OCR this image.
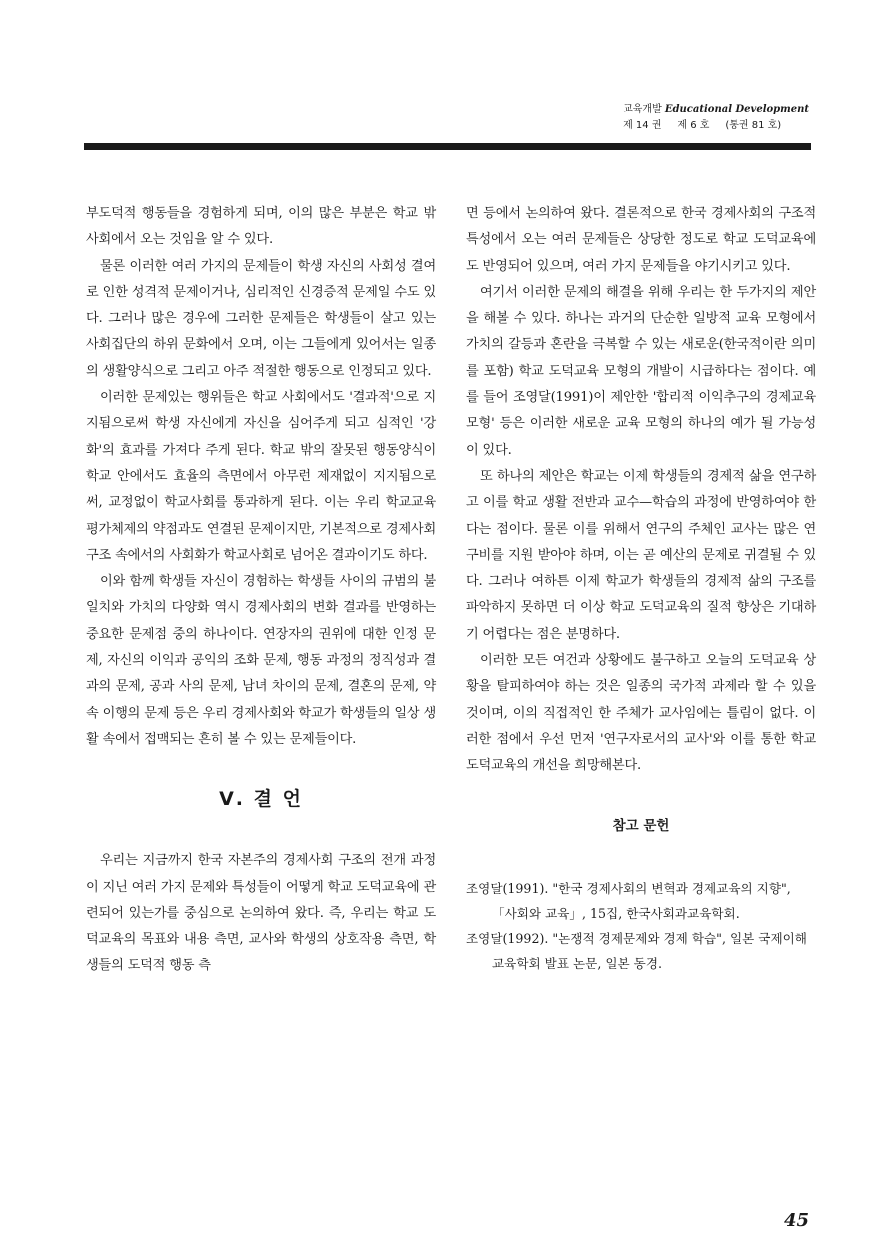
교육개발 Educational Development
제 14 권     제 6 호     (통권 81 호)

부도덕적 행동들을 경험하게 되며, 이의 많은 부분은 학교 밖 사회에서 오는 것임을 알 수 있다.

물론 이러한 여러 가지의 문제들이 학생 자신의 사회성 결여로 인한 성격적 문제이거나, 심리적인 신경증적 문제일 수도 있다. 그러나 많은 경우에 그러한 문제들은 학생들이 살고 있는 사회집단의 하위 문화에서 오며, 이는 그들에게 있어서는 일종의 생활양식으로 그리고 아주 적절한 행동으로 인정되고 있다.

이러한 문제있는 행위들은 학교 사회에서도 '결과적'으로 지지됨으로써 학생 자신에게 자신을 심어주게 되고 심적인 '강화'의 효과를 가져다 주게 된다. 학교 밖의 잘못된 행동양식이 학교 안에서도 효율의 측면에서 아무런 제재없이 지지됨으로써, 교정없이 학교사회를 통과하게 된다. 이는 우리 학교교육 평가체제의 약점과도 연결된 문제이지만, 기본적으로 경제사회 구조 속에서의 사회화가 학교사회로 넘어온 결과이기도 하다.

이와 함께 학생들 자신이 경험하는 학생들 사이의 규범의 불일치와 가치의 다양화 역시 경제사회의 변화 결과를 반영하는 중요한 문제점 중의 하나이다. 연장자의 권위에 대한 인정 문제, 자신의 이익과 공익의 조화 문제, 행동 과정의 정직성과 결과의 문제, 공과 사의 문제, 남녀 차이의 문제, 결혼의 문제, 약속 이행의 문제 등은 우리 경제사회와 학교가 학생들의 일상 생활 속에서 접맥되는 흔히 볼 수 있는 문제들이다.

Ⅴ. 결 언

우리는 지금까지 한국 자본주의 경제사회 구조의 전개 과정이 지닌 여러 가지 문제와 특성들이 어떻게 학교 도덕교육에 관련되어 있는가를 중심으로 논의하여 왔다. 즉, 우리는 학교 도덕교육의 목표와 내용 측면, 교사와 학생의 상호작용 측면, 학생들의 도덕적 행동 측

면 등에서 논의하여 왔다. 결론적으로 한국 경제사회의 구조적 특성에서 오는 여러 문제들은 상당한 정도로 학교 도덕교육에도 반영되어 있으며, 여러 가지 문제들을 야기시키고 있다.

여기서 이러한 문제의 해결을 위해 우리는 한 두가지의 제안을 해볼 수 있다. 하나는 과거의 단순한 일방적 교육 모형에서 가치의 갈등과 혼란을 극복할 수 있는 새로운(한국적이란 의미를 포함) 학교 도덕교육 모형의 개발이 시급하다는 점이다. 예를 들어 조영달(1991)이 제안한 '합리적 이익추구의 경제교육 모형' 등은 이러한 새로운 교육 모형의 하나의 예가 될 가능성이 있다.

또 하나의 제안은 학교는 이제 학생들의 경제적 삶을 연구하고 이를 학교 생활 전반과 교수—학습의 과정에 반영하여야 한다는 점이다. 물론 이를 위해서 연구의 주체인 교사는 많은 연구비를 지원 받아야 하며, 이는 곧 예산의 문제로 귀결될 수 있다. 그러나 여하튼 이제 학교가 학생들의 경제적 삶의 구조를 파악하지 못하면 더 이상 학교 도덕교육의 질적 향상은 기대하기 어렵다는 점은 분명하다.

이러한 모든 여건과 상황에도 불구하고 오늘의 도덕교육 상황을 탈피하여야 하는 것은 일종의 국가적 과제라 할 수 있을 것이며, 이의 직접적인 한 주체가 교사임에는 틀림이 없다. 이러한 점에서 우선 먼저 '연구자로서의 교사'와 이를 통한 학교 도덕교육의 개선을 희망해본다.

참고 문헌

조영달(1991). "한국 경제사회의 변혁과 경제교육의 지향", 「사회와 교육」, 15집, 한국사회과교육학회.

조영달(1992). "논쟁적 경제문제와 경제 학습", 일본 국제이해교육학회 발표 논문, 일본 동경.

45
